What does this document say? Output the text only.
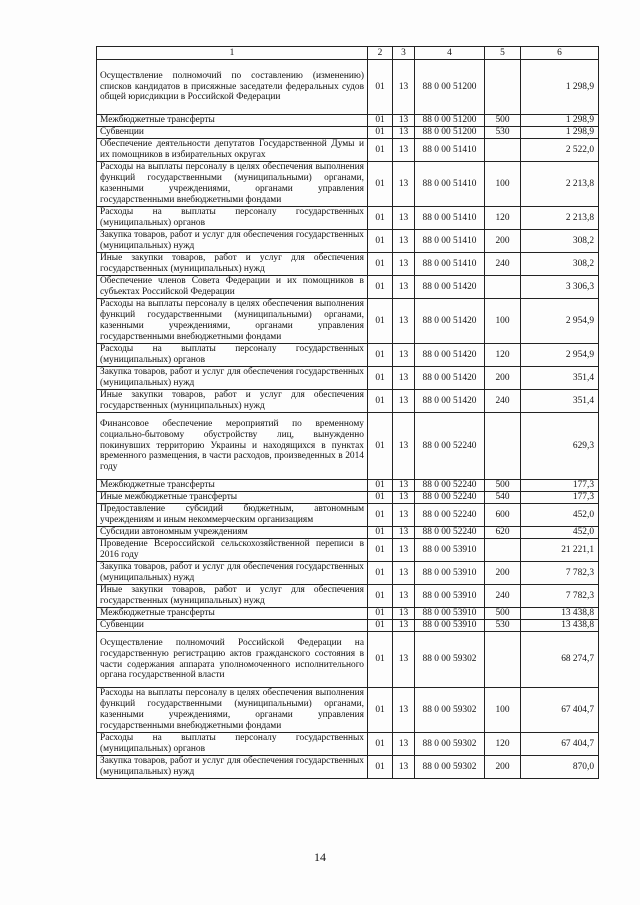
1	2	3	4	5	6
Осуществление полномочий по составлению (изменению) списков кандидатов в присяжные заседатели федеральных судов общей юрисдикции в Российской Федерации	01	13	88 0 00 51200		1 298,9
Межбюджетные трансферты	01	13	88 0 00 51200	500	1 298,9
Субвенции	01	13	88 0 00 51200	530	1 298,9
Обеспечение деятельности депутатов Государственной Думы и их помощников в избирательных округах	01	13	88 0 00 51410		2 522,0
Расходы на выплаты персоналу в целях обеспечения выполнения функций государственными (муниципальными) органами, казенными учреждениями, органами управления государственными внебюджетными фондами	01	13	88 0 00 51410	100	2 213,8
Расходы на выплаты персоналу государственных (муниципальных) органов	01	13	88 0 00 51410	120	2 213,8
Закупка товаров, работ и услуг для обеспечения государственных (муниципальных) нужд	01	13	88 0 00 51410	200	308,2
Иные закупки товаров, работ и услуг для обеспечения государственных (муниципальных) нужд	01	13	88 0 00 51410	240	308,2
Обеспечение членов Совета Федерации и их помощников в субъектах Российской Федерации	01	13	88 0 00 51420		3 306,3
Расходы на выплаты персоналу в целях обеспечения выполнения функций государственными (муниципальными) органами, казенными учреждениями, органами управления государственными внебюджетными фондами	01	13	88 0 00 51420	100	2 954,9
Расходы на выплаты персоналу государственных (муниципальных) органов	01	13	88 0 00 51420	120	2 954,9
Закупка товаров, работ и услуг для обеспечения государственных (муниципальных) нужд	01	13	88 0 00 51420	200	351,4
Иные закупки товаров, работ и услуг для обеспечения государственных (муниципальных) нужд	01	13	88 0 00 51420	240	351,4
Финансовое обеспечение мероприятий по временному социально-бытовому обустройству лиц, вынужденно покинувших территорию Украины и находящихся в пунктах временного размещения, в части расходов, произведенных в 2014 году	01	13	88 0 00 52240		629,3
Межбюджетные трансферты	01	13	88 0 00 52240	500	177,3
Иные межбюджетные трансферты	01	13	88 0 00 52240	540	177,3
Предоставление субсидий бюджетным, автономным учреждениям и иным некоммерческим организациям	01	13	88 0 00 52240	600	452,0
Субсидии автономным учреждениям	01	13	88 0 00 52240	620	452,0
Проведение Всероссийской сельскохозяйственной переписи в 2016 году	01	13	88 0 00 53910		21 221,1
Закупка товаров, работ и услуг для обеспечения государственных (муниципальных) нужд	01	13	88 0 00 53910	200	7 782,3
Иные закупки товаров, работ и услуг для обеспечения государственных (муниципальных) нужд	01	13	88 0 00 53910	240	7 782,3
Межбюджетные трансферты	01	13	88 0 00 53910	500	13 438,8
Субвенции	01	13	88 0 00 53910	530	13 438,8
Осуществление полномочий Российской Федерации на государственную регистрацию актов гражданского состояния в части содержания аппарата уполномоченного исполнительного органа государственной власти	01	13	88 0 00 59302		68 274,7
Расходы на выплаты персоналу в целях обеспечения выполнения функций государственными (муниципальными) органами, казенными учреждениями, органами управления государственными внебюджетными фондами	01	13	88 0 00 59302	100	67 404,7
Расходы на выплаты персоналу государственных (муниципальных) органов	01	13	88 0 00 59302	120	67 404,7
Закупка товаров, работ и услуг для обеспечения государственных (муниципальных) нужд	01	13	88 0 00 59302	200	870,0
14
